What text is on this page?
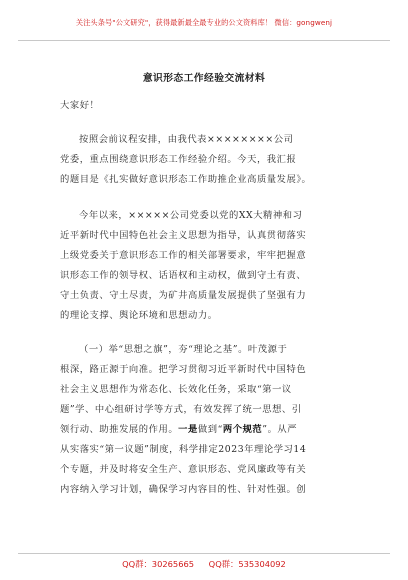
关注头条号"公文研究"，获得最新最全最专业的公文资料库！ 微信：gongwenj
意识形态工作经验交流材料

大家好！

按照会前议程安排，由我代表××××××××公司
党委，重点围绕意识形态工作经验介绍。今天，我汇报
的题目是《扎实做好意识形态工作助推企业高质量发展》。

今年以来，×××××公司党委以党的XX大精神和习
近平新时代中国特色社会主义思想为指导，认真贯彻落实
上级党委关于意识形态工作的相关部署要求，牢牢把握意
识形态工作的领导权、话语权和主动权，做到守土有责、
守土负责、守土尽责，为矿井高质量发展提供了坚强有力
的理论支撑、舆论环境和思想动力。

（一）举“思想之旗”，夯“理论之基”。叶茂源于
根深，路正源于向准。把学习贯彻习近平新时代中国特色
社会主义思想作为常态化、长效化任务，采取“第一议
题”学、中心组研讨学等方式，有效发挥了统一思想、引
领行动、助推发展的作用。一是做到“两个规范”。从严
从实落实“第一议题”制度，科学排定2023年理论学习14
个专题，并及时将安全生产、意识形态、党风廉政等有关
内容纳入学习计划，确保学习内容目的性、针对性强。创

QQ群：30265665 QQ群：535304092
